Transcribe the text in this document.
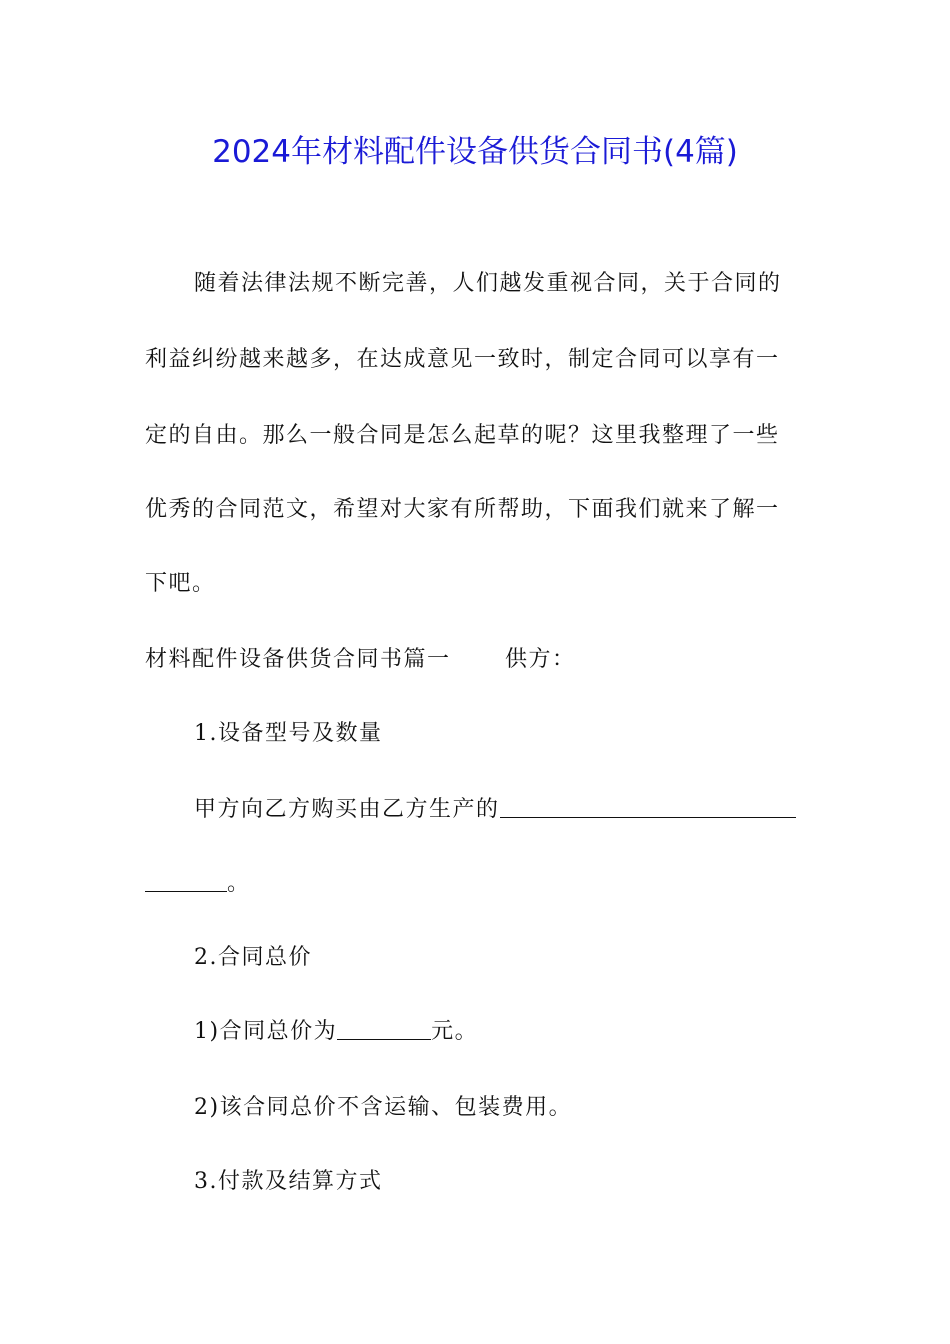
2024年材料配件设备供货合同书(4篇)
随着法律法规不断完善，人们越发重视合同，关于合同的
利益纠纷越来越多，在达成意见一致时，制定合同可以享有一
定的自由。那么一般合同是怎么起草的呢？这里我整理了一些
优秀的合同范文，希望对大家有所帮助，下面我们就来了解一
下吧。
材料配件设备供货合同书篇一 供方：
1.设备型号及数量
甲方向乙方购买由乙方生产的
。
2.合同总价
1)合同总价为	元。
2)该合同总价不含运输、包装费用。
3.付款及结算方式
